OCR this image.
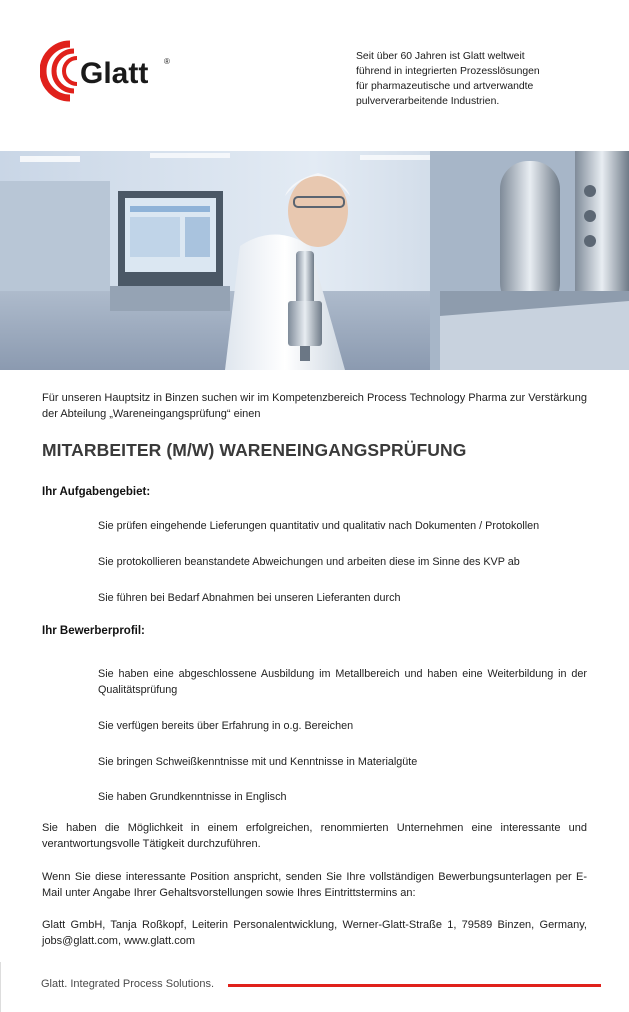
Glatt ®	Seit über 60 Jahren ist Glatt weltweit
führend in integrierten Prozesslösungen
für pharmazeutische und artverwandte
pulververarbeitende Industrien.
Für unseren Hauptsitz in Binzen suchen wir im Kompetenzbereich Process Technology Pharma zur Verstärkung der Abteilung „Wareneingangsprüfung“ einen
MITARBEITER (M/W) WARENEINGANGSPRÜFUNG
Ihr Aufgabengebiet:
Sie prüfen eingehende Lieferungen quantitativ und qualitativ nach Dokumenten / Protokollen
Sie protokollieren beanstandete Abweichungen und arbeiten diese im Sinne des KVP ab
Sie führen bei Bedarf Abnahmen bei unseren Lieferanten durch
Ihr Bewerberprofil:
Sie haben eine abgeschlossene Ausbildung im Metallbereich und haben eine Weiterbildung in der Qualitätsprüfung
Sie verfügen bereits über Erfahrung in o.g. Bereichen
Sie bringen Schweißkenntnisse mit und Kenntnisse in Materialgüte
Sie haben Grundkenntnisse in Englisch
Sie haben die Möglichkeit in einem erfolgreichen, renommierten Unternehmen eine interessante und verantwortungsvolle Tätigkeit durchzuführen.
Wenn Sie diese interessante Position anspricht, senden Sie Ihre vollständigen Bewerbungsunterlagen per E-Mail unter Angabe Ihrer Gehaltsvorstellungen sowie Ihres Eintrittstermins an:
Glatt GmbH, Tanja Roßkopf, Leiterin Personalentwicklung, Werner-Glatt-Straße 1, 79589 Binzen, Germany, jobs@glatt.com, www.glatt.com
Glatt. Integrated Process Solutions.
